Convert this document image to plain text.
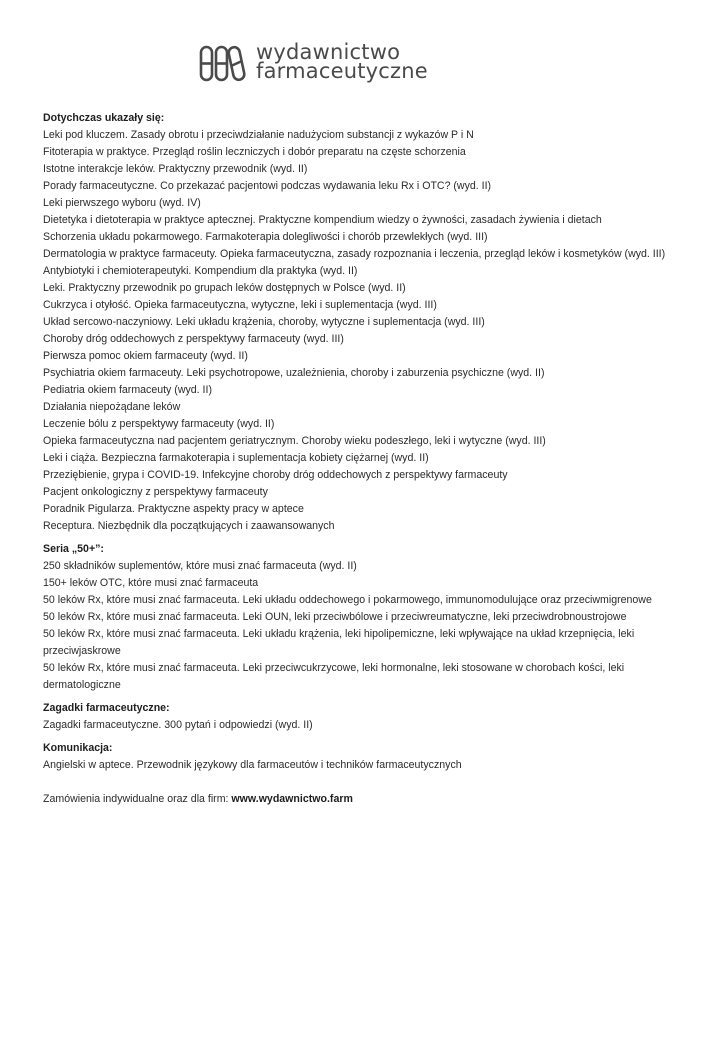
wydawnictwo
farmaceutyczne
Dotychczas ukazały się:
Leki pod kluczem. Zasady obrotu i przeciwdziałanie nadużyciom substancji z wykazów P i N
Fitoterapia w praktyce. Przegląd roślin leczniczych i dobór preparatu na częste schorzenia
Istotne interakcje leków. Praktyczny przewodnik (wyd. II)
Porady farmaceutyczne. Co przekazać pacjentowi podczas wydawania leku Rx i OTC? (wyd. II)
Leki pierwszego wyboru (wyd. IV)
Dietetyka i dietoterapia w praktyce aptecznej. Praktyczne kompendium wiedzy o żywności, zasadach żywienia i dietach
Schorzenia układu pokarmowego. Farmakoterapia dolegliwości i chorób przewlekłych (wyd. III)
Dermatologia w praktyce farmaceuty. Opieka farmaceutyczna, zasady rozpoznania i leczenia, przegląd leków i kosmetyków (wyd. III)
Antybiotyki i chemioterapeutyki. Kompendium dla praktyka (wyd. II)
Leki. Praktyczny przewodnik po grupach leków dostępnych w Polsce (wyd. II)
Cukrzyca i otyłość. Opieka farmaceutyczna, wytyczne, leki i suplementacja (wyd. III)
Układ sercowo-naczyniowy. Leki układu krążenia, choroby, wytyczne i suplementacja (wyd. III)
Choroby dróg oddechowych z perspektywy farmaceuty (wyd. III)
Pierwsza pomoc okiem farmaceuty (wyd. II)
Psychiatria okiem farmaceuty. Leki psychotropowe, uzależnienia, choroby i zaburzenia psychiczne (wyd. II)
Pediatria okiem farmaceuty (wyd. II)
Działania niepożądane leków
Leczenie bólu z perspektywy farmaceuty (wyd. II)
Opieka farmaceutyczna nad pacjentem geriatrycznym. Choroby wieku podeszłego, leki i wytyczne (wyd. III)
Leki i ciąża. Bezpieczna farmakoterapia i suplementacja kobiety ciężarnej (wyd. II)
Przeziębienie, grypa i COVID-19. Infekcyjne choroby dróg oddechowych z perspektywy farmaceuty
Pacjent onkologiczny z perspektywy farmaceuty
Poradnik Pigularza. Praktyczne aspekty pracy w aptece
Receptura. Niezbędnik dla początkujących i zaawansowanych
Seria „50+”:
250 składników suplementów, które musi znać farmaceuta (wyd. II)
150+ leków OTC, które musi znać farmaceuta
50 leków Rx, które musi znać farmaceuta. Leki układu oddechowego i pokarmowego, immunomodulujące oraz przeciwmigrenowe
50 leków Rx, które musi znać farmaceuta. Leki OUN, leki przeciwbólowe i przeciwreumatyczne, leki przeciwdrobnoustrojowe
50 leków Rx, które musi znać farmaceuta. Leki układu krążenia, leki hipolipemiczne, leki wpływające na układ krzepnięcia, leki przeciwjaskrowe
50 leków Rx, które musi znać farmaceuta. Leki przeciwcukrzycowe, leki hormonalne, leki stosowane w chorobach kości, leki dermatologiczne
Zagadki farmaceutyczne:
Zagadki farmaceutyczne. 300 pytań i odpowiedzi (wyd. II)
Komunikacja:
Angielski w aptece. Przewodnik językowy dla farmaceutów i techników farmaceutycznych
Zamówienia indywidualne oraz dla firm: www.wydawnictwo.farm
